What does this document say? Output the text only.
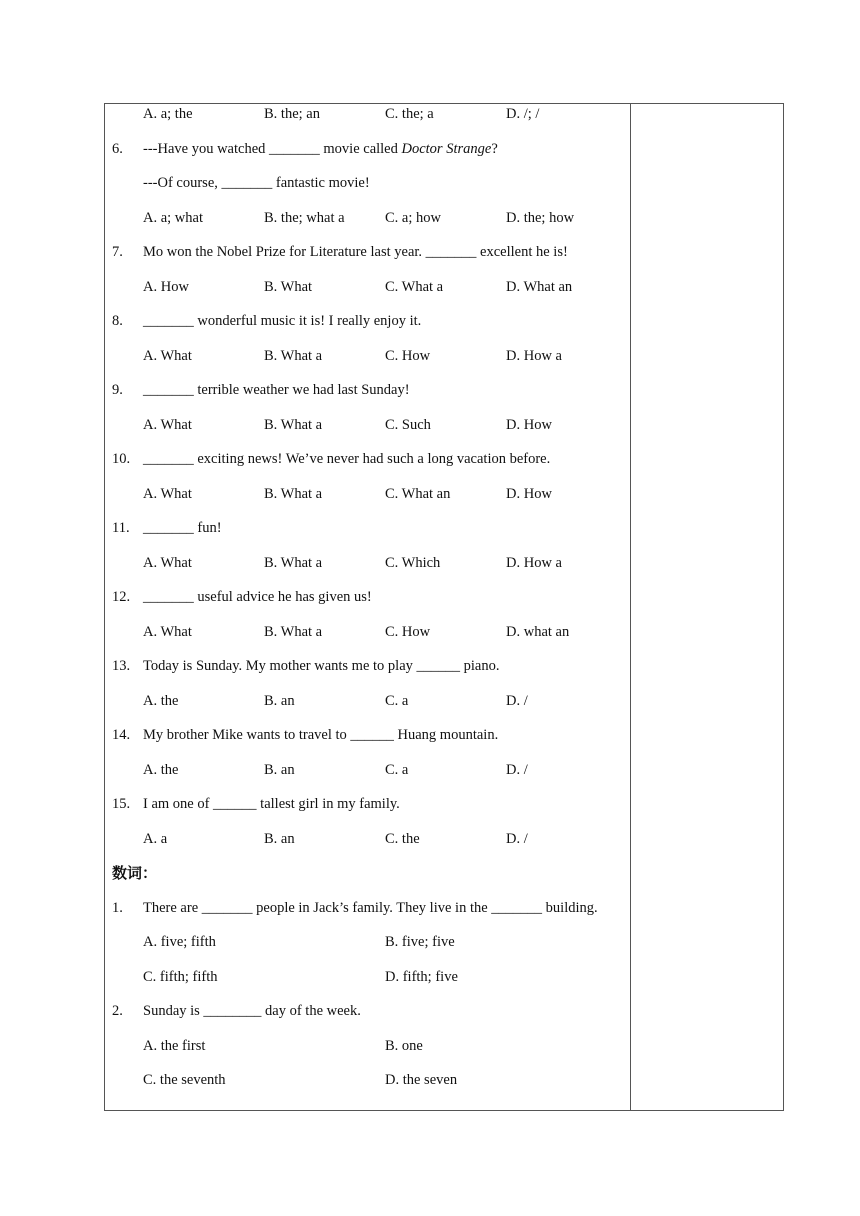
A. a; the	B. the; an	C. the; a	D. /; /
6.	---Have you watched _______ movie called Doctor Strange?
---Of course, _______ fantastic movie!
A. a; what	B. the; what a	C. a; how	D. the; how
7.	Mo won the Nobel Prize for Literature last year. _______ excellent he is!
A. How	B. What	C. What a	D. What an
8.	_______ wonderful music it is! I really enjoy it.
A. What	B. What a	C. How	D. How a
9.	_______ terrible weather we had last Sunday!
A. What	B. What a	C. Such	D. How
10. _______ exciting news! We’ve never had such a long vacation before.
A. What	B. What a	C. What an	D. How
11. _______ fun!
A. What	B. What a	C. Which	D. How a
12. _______ useful advice he has given us!
A. What	B. What a	C. How	D. what an
13. Today is Sunday. My mother wants me to play ______ piano.
A. the	B. an	C. a	D. /
14. My brother Mike wants to travel to ______ Huang mountain.
A. the	B. an	C. a	D. /
15. I am one of ______ tallest girl in my family.
A. a	B. an	C. the	D. /
数词：
1.	There are _______ people in Jack’s family. They live in the _______ building.
A. five; fifth	B. five; five
C. fifth; fifth	D. fifth; five
2.	Sunday is ________ day of the week.
A. the first	B. one
C. the seventh	D. the seven
